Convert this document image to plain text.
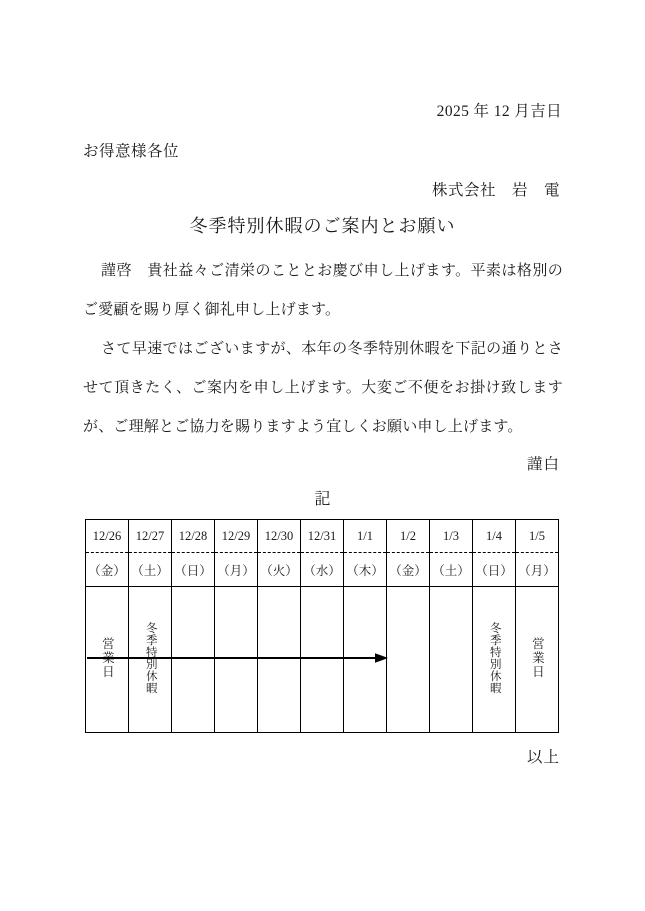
2025 年 12 月吉日
お得意様各位
株式会社　岩　電
冬季特別休暇のご案内とお願い

謹啓　貴社益々ご清栄のこととお慶び申し上げます。平素は格別のご愛顧を賜り厚く御礼申し上げます。

さて早速ではございますが、本年の冬季特別休暇を下記の通りとさせて頂きたく、ご案内を申し上げます。大変ご不便をお掛け致しますが、ご理解とご協力を賜りますよう宜しくお願い申し上げます。

謹白
記
12/26	12/27	12/28	12/29	12/30	12/31	1/1	1/2	1/3	1/4	1/5
（金）	（土）	（日）	（月）	（火）	（水）	（木）	（金）	（土）	（日）	（月）
営業日	冬季特別休暇								冬季特別休暇	営業日
以上
